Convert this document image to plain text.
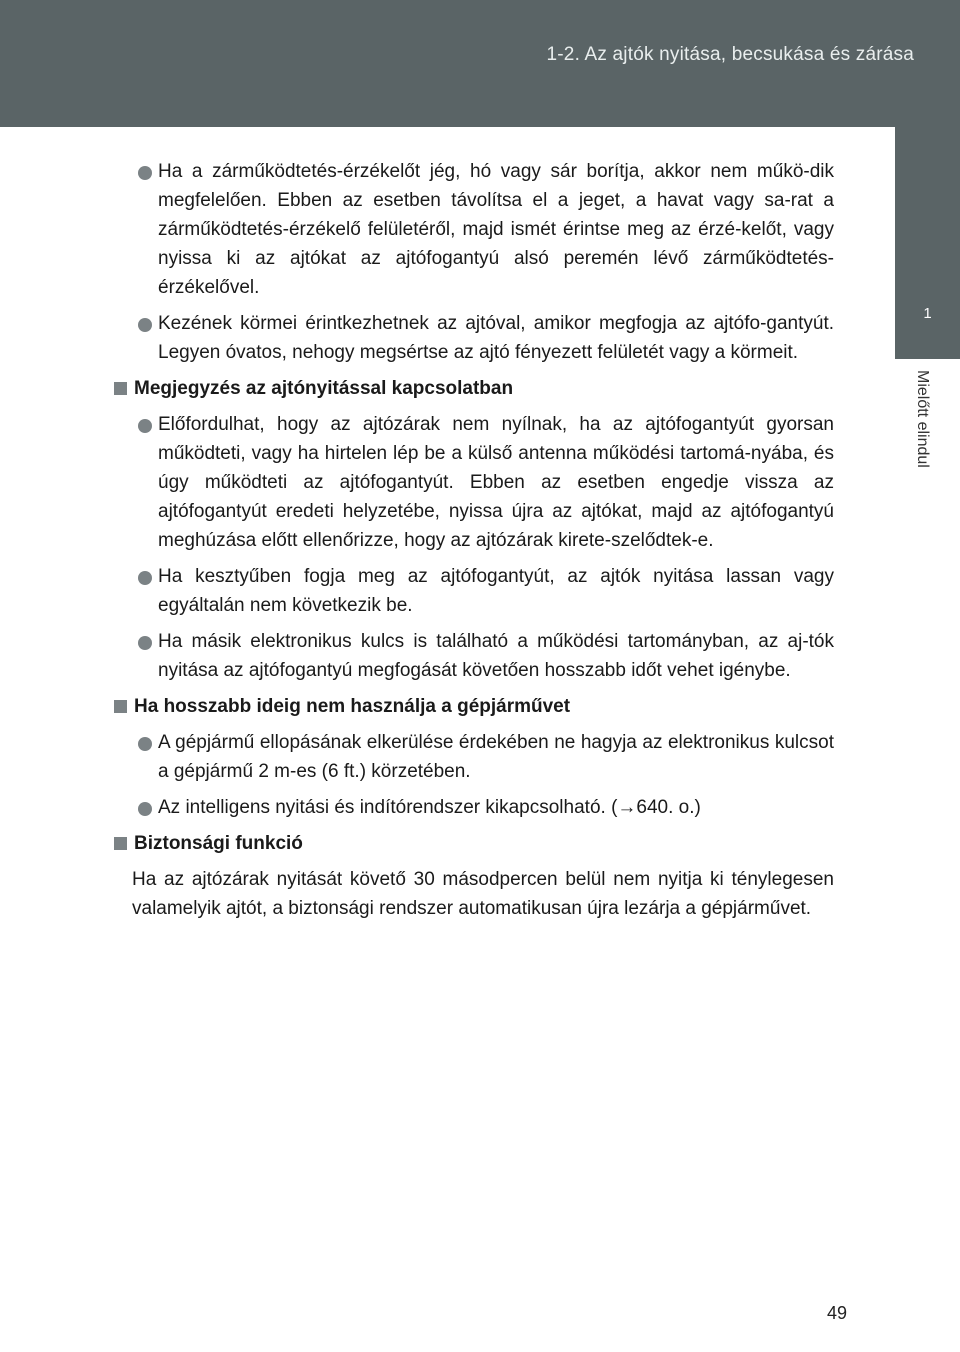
1-2. Az ajtók nyitása, becsukása és zárása
1
Mielőtt elindul
Ha a zárműködtetés-érzékelőt jég, hó vagy sár borítja, akkor nem műkö-dik megfelelően. Ebben az esetben távolítsa el a jeget, a havat vagy sa-rat a zárműködtetés-érzékelő felületéről, majd ismét érintse meg az érzé-kelőt, vagy nyissa ki az ajtókat az ajtófogantyú alsó peremén lévő zárműködtetés-érzékelővel.
Kezének körmei érintkezhetnek az ajtóval, amikor megfogja az ajtófo-gantyút. Legyen óvatos, nehogy megsértse az ajtó fényezett felületét vagy a körmeit.
Megjegyzés az ajtónyitással kapcsolatban
Előfordulhat, hogy az ajtózárak nem nyílnak, ha az ajtófogantyút gyorsan működteti, vagy ha hirtelen lép be a külső antenna működési tartomá-nyába, és úgy működteti az ajtófogantyút. Ebben az esetben engedje vissza az ajtófogantyút eredeti helyzetébe, nyissa újra az ajtókat, majd az ajtófogantyú meghúzása előtt ellenőrizze, hogy az ajtózárak kirete-szelődtek-e.
Ha kesztyűben fogja meg az ajtófogantyút, az ajtók nyitása lassan vagy egyáltalán nem következik be.
Ha másik elektronikus kulcs is található a működési tartományban, az aj-tók nyitása az ajtófogantyú megfogását követően hosszabb időt vehet igénybe.
Ha hosszabb ideig nem használja a gépjárművet
A gépjármű ellopásának elkerülése érdekében ne hagyja az elektronikus kulcsot a gépjármű 2 m-es (6 ft.) körzetében.
Az intelligens nyitási és indítórendszer kikapcsolható. (→640. o.)
Biztonsági funkció
Ha az ajtózárak nyitását követő 30 másodpercen belül nem nyitja ki ténylegesen valamelyik ajtót, a biztonsági rendszer automatikusan újra lezárja a gépjárművet.
49
